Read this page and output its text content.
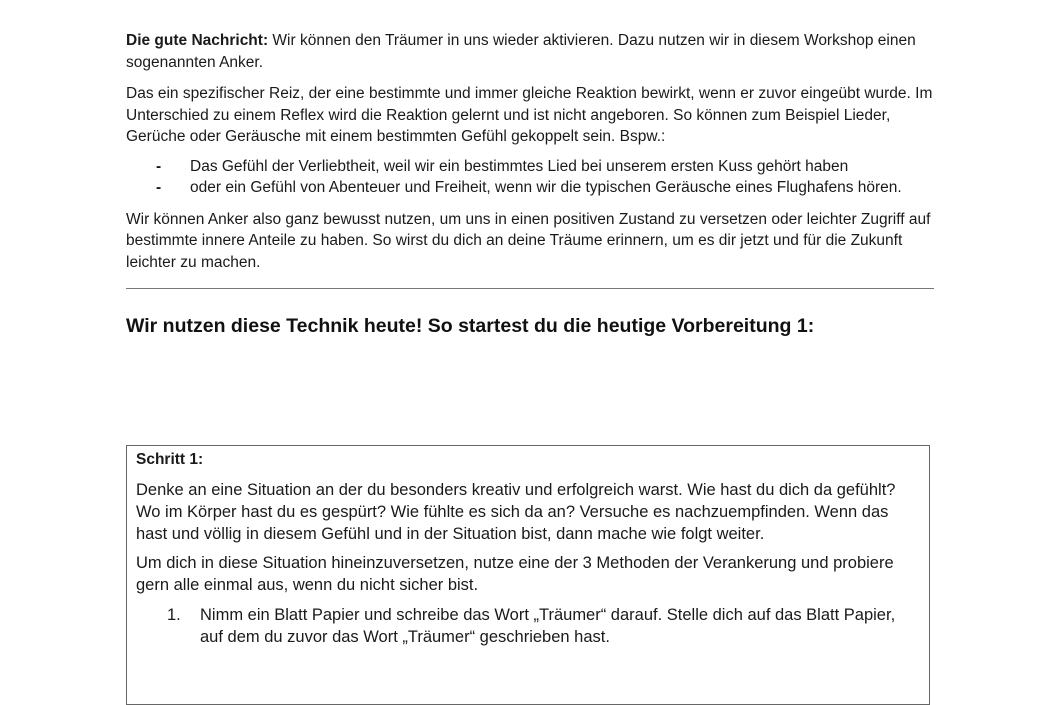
Die gute Nachricht: Wir können den Träumer in uns wieder aktivieren. Dazu nutzen wir in diesem Workshop einen sogenannten Anker.

Das ein spezifischer Reiz, der eine bestimmte und immer gleiche Reaktion bewirkt, wenn er zuvor eingeübt wurde. Im Unterschied zu einem Reflex wird die Reaktion gelernt und ist nicht angeboren. So können zum Beispiel Lieder, Gerüche oder Geräusche mit einem bestimmten Gefühl gekoppelt sein. Bspw.:

- Das Gefühl der Verliebtheit, weil wir ein bestimmtes Lied bei unserem ersten Kuss gehört haben
- oder ein Gefühl von Abenteuer und Freiheit, wenn wir die typischen Geräusche eines Flughafens hören.

Wir können Anker also ganz bewusst nutzen, um uns in einen positiven Zustand zu versetzen oder leichter Zugriff auf bestimmte innere Anteile zu haben. So wirst du dich an deine Träume erinnern, um es dir jetzt und für die Zukunft leichter zu machen.

Wir nutzen diese Technik heute! So startest du die heutige Vorbereitung 1:
Schritt 1:

Denke an eine Situation an der du besonders kreativ und erfolgreich warst. Wie hast du dich da gefühlt? Wo im Körper hast du es gespürt? Wie fühlte es sich da an? Versuche es nachzuempfinden. Wenn das hast und völlig in diesem Gefühl und in der Situation bist, dann mache wie folgt weiter.

Um dich in diese Situation hineinzuversetzen, nutze eine der 3 Methoden der Verankerung und probiere gern alle einmal aus, wenn du nicht sicher bist.

1. Nimm ein Blatt Papier und schreibe das Wort „Träumer“ darauf. Stelle dich auf das Blatt Papier, auf dem du zuvor das Wort „Träumer“ geschrieben hast.
